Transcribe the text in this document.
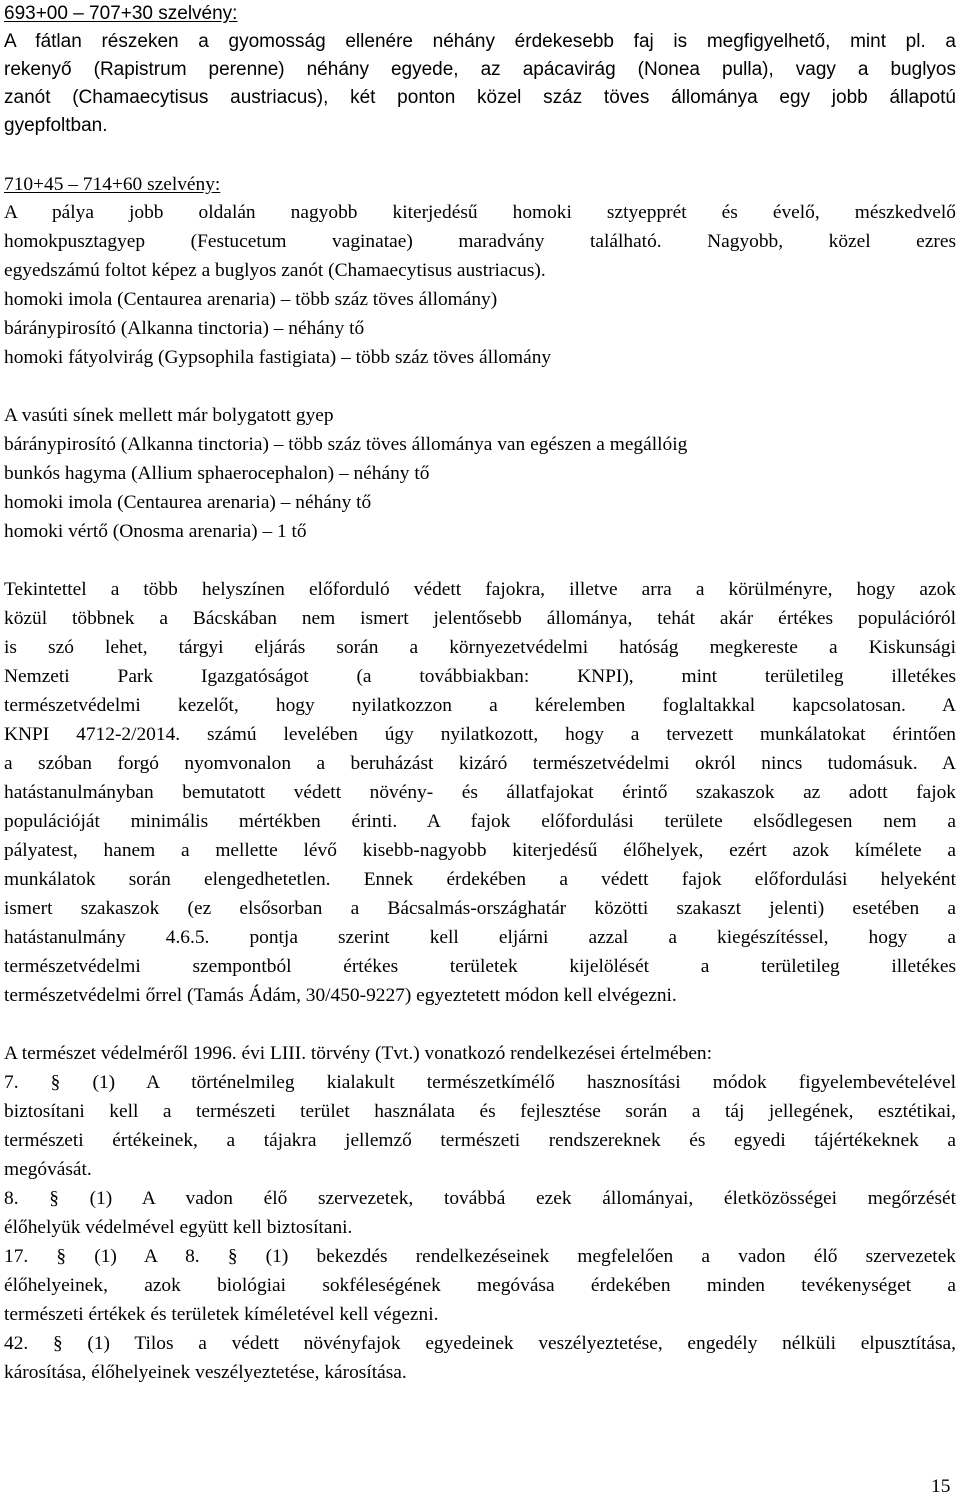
693+00 – 707+30 szelvény:
A fátlan részeken a gyomosság ellenére néhány érdekesebb faj is megfigyelhető, mint pl. a
rekenyő (Rapistrum perenne) néhány egyede, az apácavirág (Nonea pulla), vagy a buglyos
zanót (Chamaecytisus austriacus), két ponton közel száz töves állománya egy jobb állapotú
gyepfoltban.
710+45 – 714+60 szelvény:
A pálya jobb oldalán nagyobb kiterjedésű homoki sztyepprét és évelő, mészkedvelő
homokpusztagyep (Festucetum vaginatae) maradvány található. Nagyobb, közel ezres
egyedszámú foltot képez a buglyos zanót (Chamaecytisus austriacus).
homoki imola (Centaurea arenaria) – több száz töves állomány)
báránypirosító (Alkanna tinctoria) – néhány tő
homoki fátyolvirág (Gypsophila fastigiata) – több száz töves állomány
A vasúti sínek mellett már bolygatott gyep
báránypirosító (Alkanna tinctoria) – több száz töves állománya van egészen a megállóig
bunkós hagyma (Allium sphaerocephalon) – néhány tő
homoki imola (Centaurea arenaria) – néhány tő
homoki vértő (Onosma arenaria) – 1 tő
Tekintettel a több helyszínen előforduló védett fajokra, illetve arra a körülményre, hogy azok
közül többnek a Bácskában nem ismert jelentősebb állománya, tehát akár értékes populációról
is szó lehet, tárgyi eljárás során a környezetvédelmi hatóság megkereste a Kiskunsági
Nemzeti Park Igazgatóságot (a továbbiakban: KNPI), mint területileg illetékes
természetvédelmi kezelőt, hogy nyilatkozzon a kérelemben foglaltakkal kapcsolatosan. A
KNPI 4712-2/2014. számú levelében úgy nyilatkozott, hogy a tervezett munkálatokat érintően
a szóban forgó nyomvonalon a beruházást kizáró természetvédelmi okról nincs tudomásuk. A
hatástanulmányban bemutatott védett növény- és állatfajokat érintő szakaszok az adott fajok
populációját minimális mértékben érinti. A fajok előfordulási területe elsődlegesen nem a
pályatest, hanem a mellette lévő kisebb-nagyobb kiterjedésű élőhelyek, ezért azok kímélete a
munkálatok során elengedhetetlen. Ennek érdekében a védett fajok előfordulási helyeként
ismert szakaszok (ez elsősorban a Bácsalmás-országhatár közötti szakaszt jelenti) esetében a
hatástanulmány 4.6.5. pontja szerint kell eljárni azzal a kiegészítéssel, hogy a
természetvédelmi szempontból értékes területek kijelölését a területileg illetékes
természetvédelmi őrrel (Tamás Ádám, 30/450-9227) egyeztetett módon kell elvégezni.
A természet védelméről 1996. évi LIII. törvény (Tvt.) vonatkozó rendelkezései értelmében:
7. § (1) A történelmileg kialakult természetkímélő hasznosítási módok figyelembevételével
biztosítani kell a természeti terület használata és fejlesztése során a táj jellegének, esztétikai,
természeti értékeinek, a tájakra jellemző természeti rendszereknek és egyedi tájértékeknek a
megóvását.
8. § (1) A vadon élő szervezetek, továbbá ezek állományai, életközösségei megőrzését
élőhelyük védelmével együtt kell biztosítani.
17. § (1) A 8. § (1) bekezdés rendelkezéseinek megfelelően a vadon élő szervezetek
élőhelyeinek, azok biológiai sokféleségének megóvása érdekében minden tevékenységet a
természeti értékek és területek kíméletével kell végezni.
42. § (1) Tilos a védett növényfajok egyedeinek veszélyeztetése, engedély nélküli elpusztítása,
károsítása, élőhelyeinek veszélyeztetése, károsítása.
15
